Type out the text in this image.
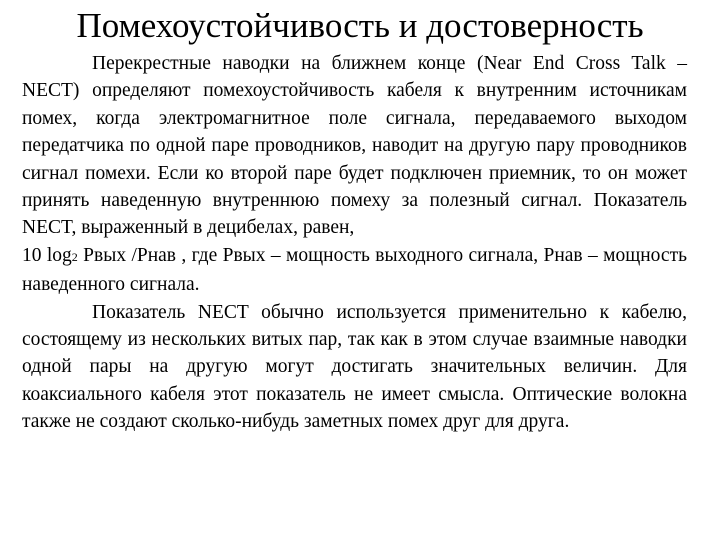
Помехоустойчивость и достоверность

Перекрестные наводки на ближнем конце (Near End Cross Talk – NECT) определяют помехоустойчивость кабеля к внутренним источникам помех, когда электромагнитное поле сигнала, передаваемого выходом передатчика по одной паре проводников, наводит на другую пару проводников сигнал помехи. Если ко второй паре будет подключен приемник, то он может принять наведенную внутреннюю помеху за полезный сигнал. Показатель NECT, выраженный в децибелах, равен,
10 log2 Рвых /Рнав , где Рвых – мощность выходного сигнала, Рнав – мощность наведенного сигнала.

Показатель NECT обычно используется применительно к кабелю, состоящему из нескольких витых пар, так как в этом случае взаимные наводки одной пары на другую могут достигать значительных величин. Для коаксиального кабеля этот показатель не имеет смысла. Оптические волокна также не создают сколько-нибудь заметных помех друг для друга.
